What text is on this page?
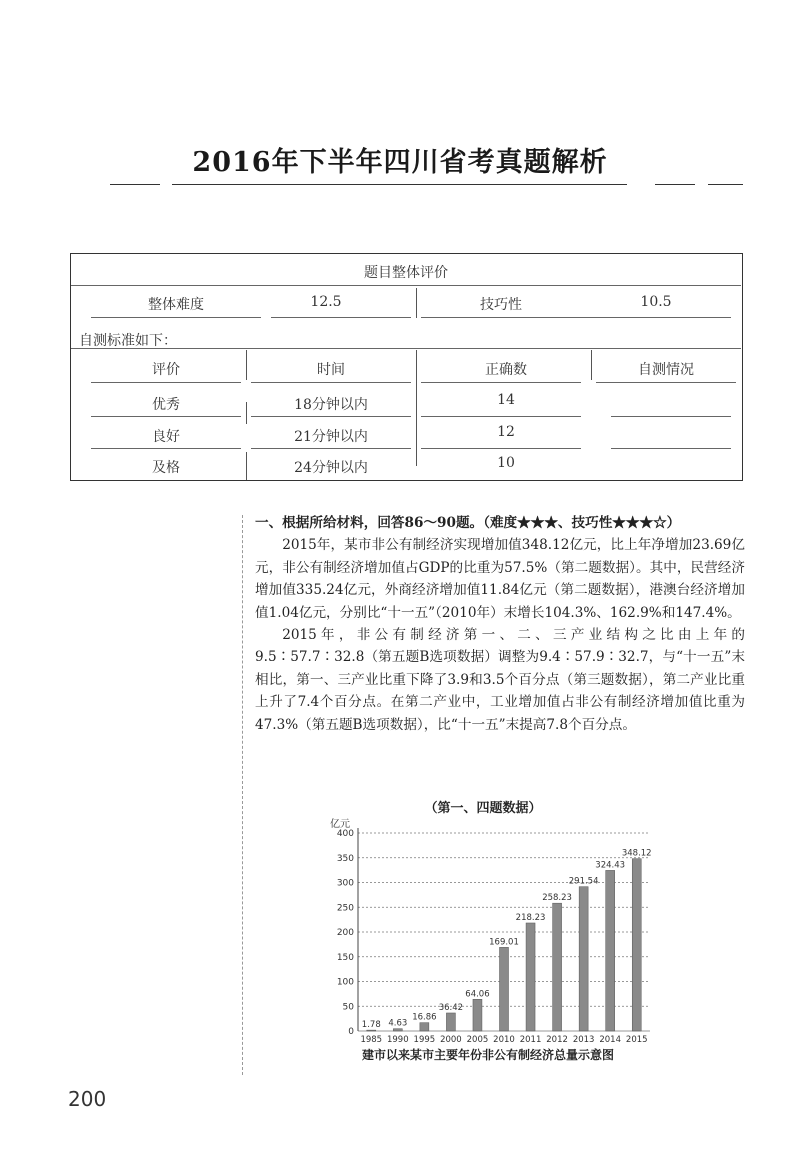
2016年下半年四川省考真题解析
题目整体评价
整体难度	12.5	技巧性	10.5
自测标准如下：
评价	时间	正确数	自测情况
优秀	18分钟以内	14
良好	21分钟以内	12
及格	24分钟以内	10

一、根据所给材料，回答86～90题。（难度★★★、技巧性★★★☆）

2015年，某市非公有制经济实现增加值348.12亿元，比上年净增加23.69亿元，非公有制经济增加值占GDP的比重为57.5%（第二题数据）。其中，民营经济增加值335.24亿元，外商经济增加值11.84亿元（第二题数据），港澳台经济增加值1.04亿元，分别比“十一五”（2010年）末增长104.3%、162.9%和147.4%。

2015年，非公有制经济第一、二、三产业结构之比由上年的9.5∶57.7∶32.8（第五题B选项数据）调整为9.4∶57.9∶32.7，与“十一五”末相比，第一、三产业比重下降了3.9和3.5个百分点（第三题数据），第二产业比重上升了7.4个百分点。在第二产业中，工业增加值占非公有制经济增加值比重为47.3%（第五题B选项数据），比“十一五”末提高7.8个百分点。

（第一、四题数据）
亿元
0
50
100
150
200
250
300
350
400
1.78
1985
4.63
1990
16.86
1995
36.42
2000
64.06
2005
169.01
2010
218.23
2011
258.23
2012
291.54
2013
324.43
2014
348.12
2015
建市以来某市主要年份非公有制经济总量示意图
200
